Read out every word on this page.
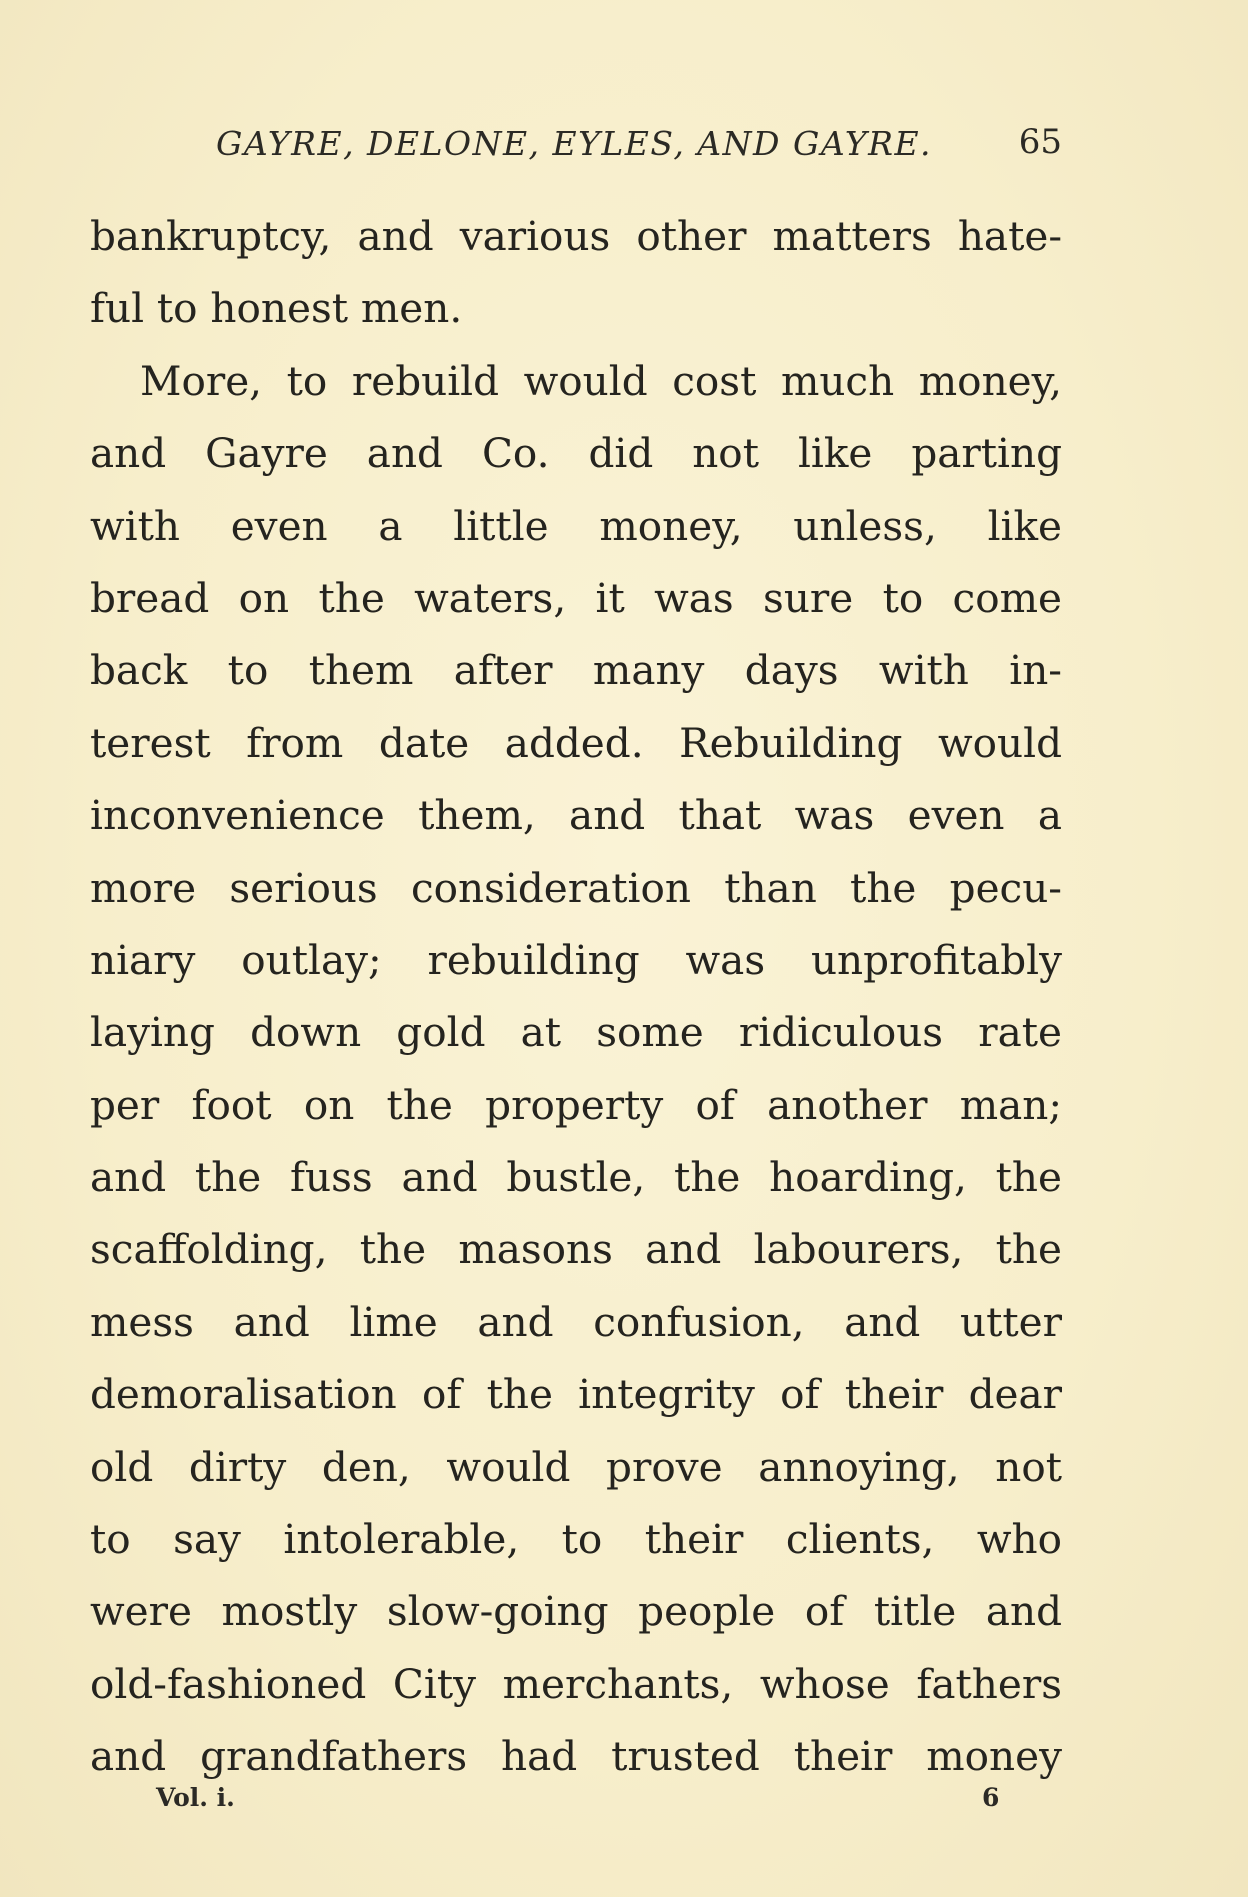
GAYRE, DELONE, EYLES, AND GAYRE.	65
bankruptcy, and various other matters hate-
ful to honest men.
More, to rebuild would cost much money,
and Gayre and Co. did not like parting
with even a little money, unless, like
bread on the waters, it was sure to come
back to them after many days with in-
terest from date added. Rebuilding would
inconvenience them, and that was even a
more serious consideration than the pecu-
niary outlay; rebuilding was unprofitably
laying down gold at some ridiculous rate
per foot on the property of another man;
and the fuss and bustle, the hoarding, the
scaffolding, the masons and labourers, the
mess and lime and confusion, and utter
demoralisation of the integrity of their dear
old dirty den, would prove annoying, not
to say intolerable, to their clients, who
were mostly slow-going people of title and
old-fashioned City merchants, whose fathers
and grandfathers had trusted their money
Vol. i.	6
